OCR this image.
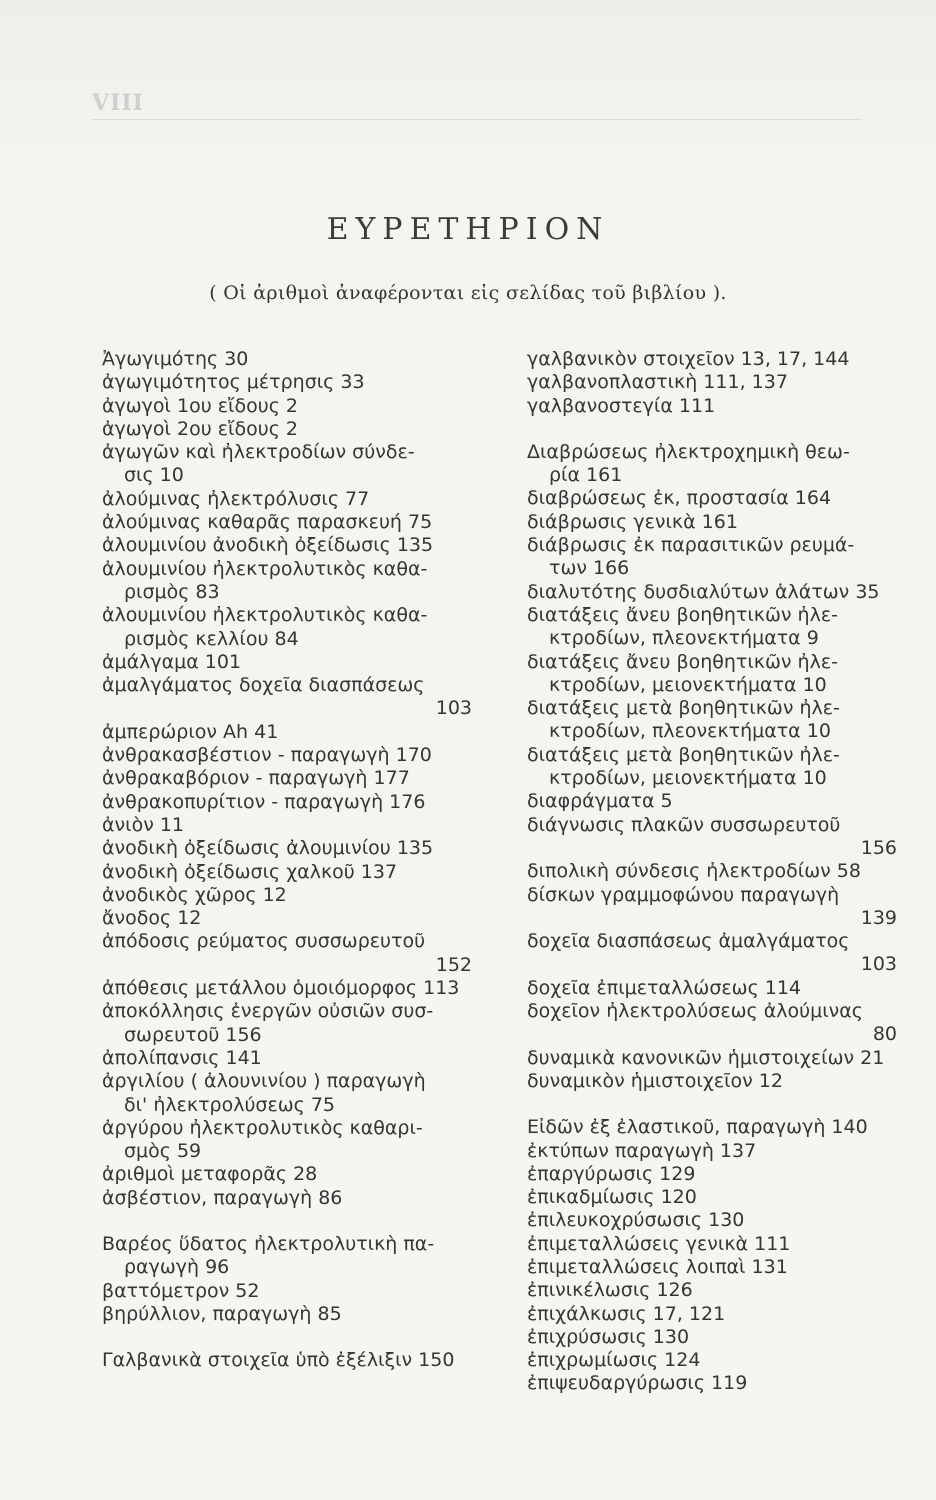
VIII
ΕΥΡΕΤΗΡΙΟΝ
( Οἱ ἀριθμοὶ ἀναφέρονται εἰς σελίδας τοῦ βιβλίου ).
Ἀγωγιμότης 30
ἀγωγιμότητος μέτρησις 33
ἀγωγοὶ 1ου εἴδους 2
ἀγωγοὶ 2ου εἴδους 2
ἀγωγῶν καὶ ἠλεκτροδίων σύνδε-
σις 10
ἀλούμινας ἠλεκτρόλυσις 77
ἀλούμινας καθαρᾶς παρασκευή 75
ἀλουμινίου ἀνοδικὴ ὀξείδωσις 135
ἀλουμινίου ἠλεκτρολυτικὸς καθα-
ρισμὸς 83
ἀλουμινίου ἠλεκτρολυτικὸς καθα-
ρισμὸς κελλίου 84
ἀμάλγαμα 101
ἀμαλγάματος δοχεῖα διασπάσεως
103
ἀμπερώριον Ah 41
ἀνθρακασβέστιον - παραγωγὴ 170
ἀνθρακαβόριον - παραγωγὴ 177
ἀνθρακοπυρίτιον - παραγωγὴ 176
ἀνιὸν 11
ἀνοδικὴ ὀξείδωσις ἀλουμινίου 135
ἀνοδικὴ ὀξείδωσις χαλκοῦ 137
ἀνοδικὸς χῶρος 12
ἄνοδος 12
ἀπόδοσις ρεύματος συσσωρευτοῦ
152
ἀπόθεσις μετάλλου ὁμοιόμορφος 113
ἀποκόλλησις ἐνεργῶν οὐσιῶν συσ-
σωρευτοῦ 156
ἀπολίπανσις 141
ἀργιλίου ( ἀλουνινίου ) παραγωγὴ
δι' ἠλεκτρολύσεως 75
ἀργύρου ἠλεκτρολυτικὸς καθαρι-
σμὸς 59
ἀριθμοὶ μεταφορᾶς 28
ἀσβέστιον, παραγωγὴ 86
Βαρέος ὕδατος ἠλεκτρολυτικὴ πα-
ραγωγὴ 96
βαττόμετρον 52
βηρύλλιον, παραγωγὴ 85
Γαλβανικὰ στοιχεῖα ὑπὸ ἐξέλιξιν 150
γαλβανικὸν στοιχεῖον 13, 17, 144
γαλβανοπλαστικὴ 111, 137
γαλβανοστεγία 111
Διαβρώσεως ἠλεκτροχημικὴ θεω-
ρία 161
διαβρώσεως ἐκ, προστασία 164
διάβρωσις γενικὰ 161
διάβρωσις ἐκ παρασιτικῶν ρευμά-
των 166
διαλυτότης δυσδιαλύτων ἁλάτων 35
διατάξεις ἄνευ βοηθητικῶν ἠλε-
κτροδίων, πλεονεκτήματα 9
διατάξεις ἄνευ βοηθητικῶν ἠλε-
κτροδίων, μειονεκτήματα 10
διατάξεις μετὰ βοηθητικῶν ἠλε-
κτροδίων, πλεονεκτήματα 10
διατάξεις μετὰ βοηθητικῶν ἠλε-
κτροδίων, μειονεκτήματα 10
διαφράγματα 5
διάγνωσις πλακῶν συσσωρευτοῦ
156
διπολικὴ σύνδεσις ἠλεκτροδίων 58
δίσκων γραμμοφώνου παραγωγὴ
139
δοχεῖα διασπάσεως ἀμαλγάματος
103
δοχεῖα ἐπιμεταλλώσεως 114
δοχεῖον ἠλεκτρολύσεως ἀλούμινας
80
δυναμικὰ κανονικῶν ἡμιστοιχείων 21
δυναμικὸν ἡμιστοιχεῖον 12
Εἰδῶν ἐξ ἐλαστικοῦ, παραγωγὴ 140
ἐκτύπων παραγωγὴ 137
ἐπαργύρωσις 129
ἐπικαδμίωσις 120
ἐπιλευκοχρύσωσις 130
ἐπιμεταλλώσεις γενικὰ 111
ἐπιμεταλλώσεις λοιπαὶ 131
ἐπινικέλωσις 126
ἐπιχάλκωσις 17, 121
ἐπιχρύσωσις 130
ἐπιχρωμίωσις 124
ἐπιψευδαργύρωσις 119
